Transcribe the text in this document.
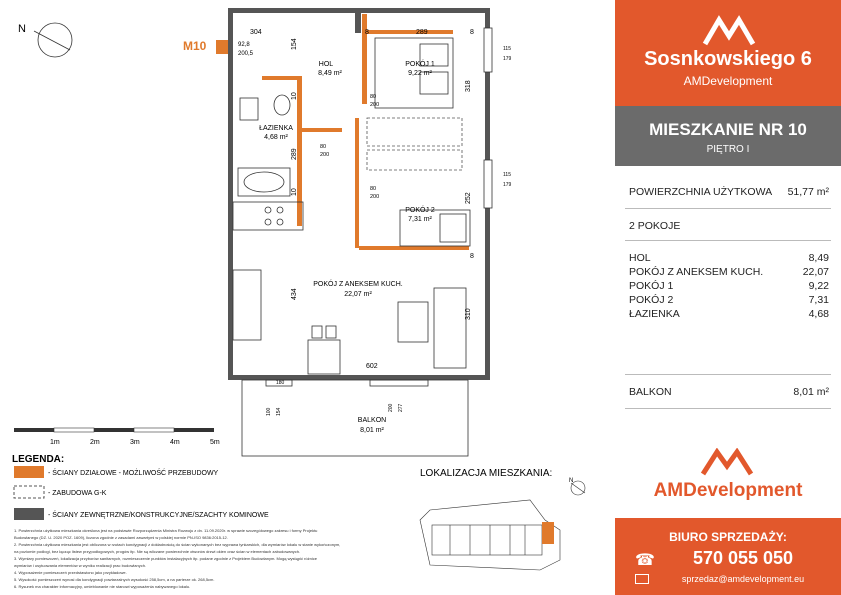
N
M10	92,8
200,5
115
179
115
179
HOL
8,49 m²
POKÓJ 1
9,22 m²
ŁAZIENKA
4,68 m²
POKÓJ 2
7,31 m²
POKÓJ Z ANEKSEM KUCH.
22,07 m²
BALKON
8,01 m²
304	289
154
318
289
434
602
310
252
10
10
8	8
8
80
200
80
200
80
200
100 154	200 277
180
1m	2m	3m	4m	5m
LEGENDA:
- ŚCIANY DZIAŁOWE - MOŻLIWOŚĆ PRZEBUDOWY
- ZABUDOWA G-K
- ŚCIANY ZEWNĘTRZNE/KONSTRUKCYJNE/SZACHTY KOMINOWE
1. Powierzchnia użytkowa mieszkania określona jest na podstawie Rozporządzenia Ministra Rozwoju z dn. 11.09.2020r. w sprawie szczegółowego zakresu i formy Projektu
Budowlanego (DZ. U. 2020 POZ. 1609), liczona zgodnie z zasadami zawartymi w polskiej normie PN-ISO 9836:2015-12.
2. Powierzchnia użytkowa mieszkania jest obliczona w rzutach kondygnacji z dokładnością do ścian wykonanych bez wyprawa tynkarskich, dla wymiarów lokalu w stanie wykończonym,
na poziomie podłogi, bez łącząc listew przypodłogowych, progów itp. Nie są wliczane powierzchnie otworów drzwi okien oraz ścian w elementach zabudowanych.
3. Wymiary pomieszczeń, lokalizacja przyborów sanitarnych, rozmieszczenie punktów instalacyjnych itp. podane zgodnie z Projektem Budowlanym. Mogą wystąpić różnice
wymiarów i usytuowania elementów w wyniku realizacji prac budowlanych.
4. Wyposażenie pomieszczeń przedstawiono jako przykładowe.
5. Wysokość pomieszczeń wynosi dla kondygnacji powtarzalnych wysokość 258,5cm, a na parterze ok. 268,5cm.
6. Rysunek ma charakter informacyjny, umieblowanie nie stanowi wyposażenia nabywanego lokalu.
LOKALIZACJA MIESZKANIA:
N
Sosnkowskiego 6
AMDevelopment
MIESZKANIE NR 10
PIĘTRO I
POWIERZCHNIA UŻYTKOWA 51,77 m²
2 POKOJE
HOL	8,49
POKÓJ Z ANEKSEM KUCH.	22,07
POKÓJ 1	9,22
POKÓJ 2	7,31
ŁAZIENKA	4,68
BALKON	8,01 m²
AMDevelopment
BIURO SPRZEDAŻY:
☎	570 055 050
sprzedaz@amdevelopment.eu
